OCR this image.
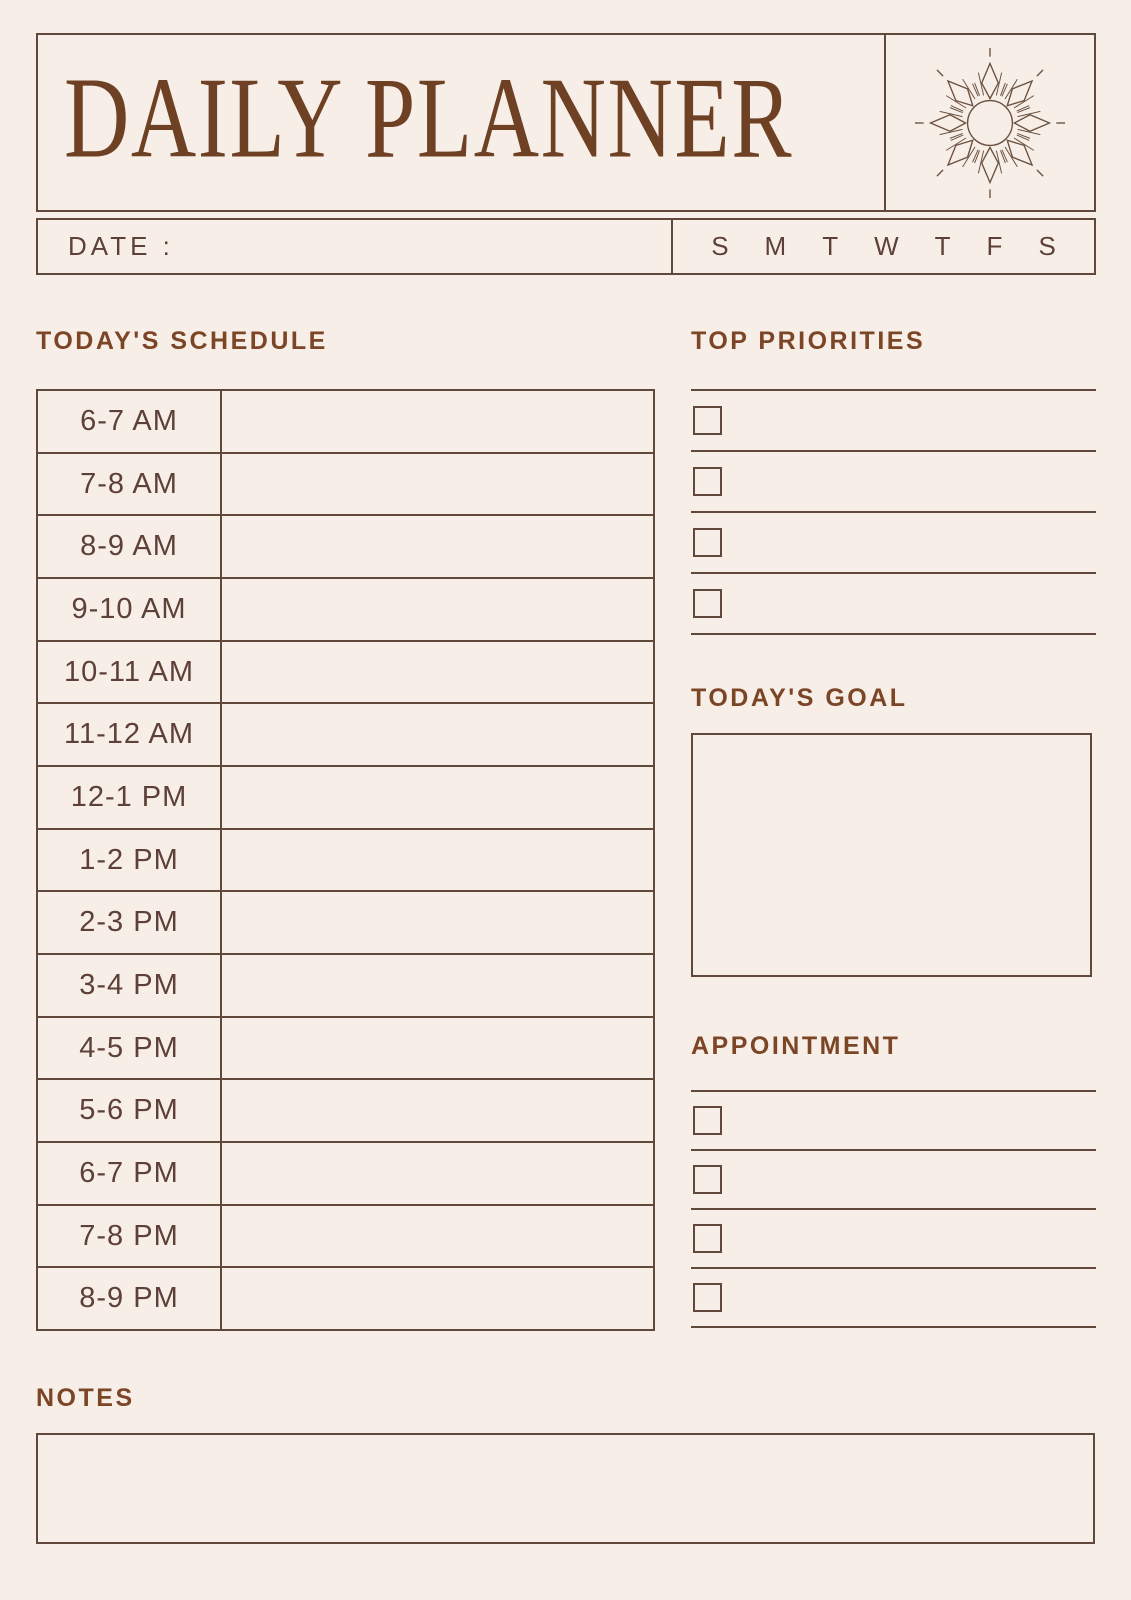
DAILY PLANNER
DATE :	S M T W T F S
TODAY'S SCHEDULE
6-7 AM
7-8 AM
8-9 AM
9-10 AM
10-11 AM
11-12 AM
12-1 PM
1-2 PM
2-3 PM
3-4 PM
4-5 PM
5-6 PM
6-7 PM
7-8 PM
8-9 PM
TOP PRIORITIES
TODAY'S GOAL
APPOINTMENT
NOTES
